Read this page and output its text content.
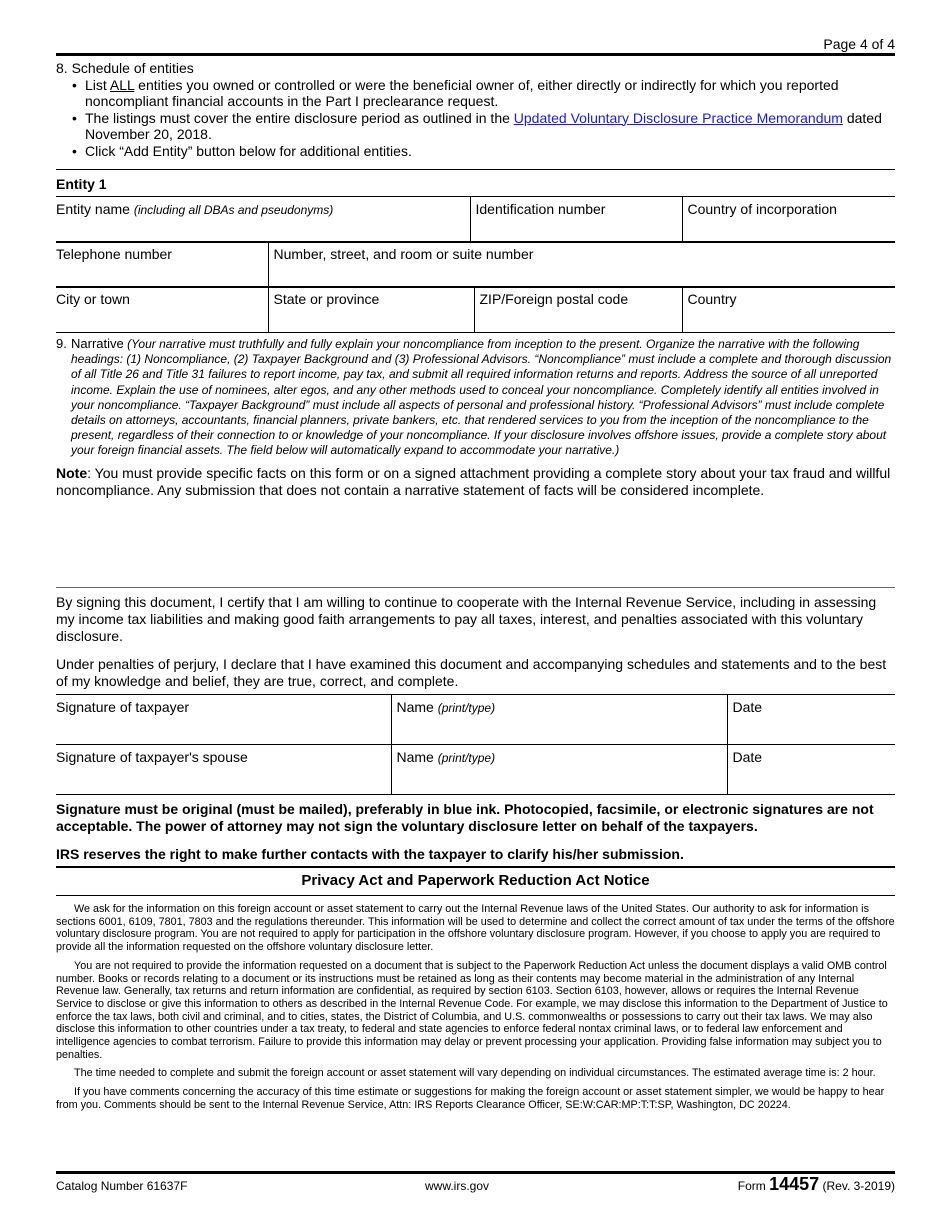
Page 4 of 4
8. Schedule of entities
• List ALL entities you owned or controlled or were the beneficial owner of, either directly or indirectly for which you reported noncompliant financial accounts in the Part I preclearance request.
• The listings must cover the entire disclosure period as outlined in the Updated Voluntary Disclosure Practice Memorandum dated November 20, 2018.
• Click “Add Entity” button below for additional entities.
Entity 1
Entity name (including all DBAs and pseudonyms)	Identification number	Country of incorporation
Telephone number	Number, street, and room or suite number
City or town	State or province	ZIP/Foreign postal code	Country
9. Narrative (Your narrative must truthfully and fully explain your noncompliance from inception to the present. Organize the narrative with the following headings: (1) Noncompliance, (2) Taxpayer Background and (3) Professional Advisors. “Noncompliance” must include a complete and thorough discussion of all Title 26 and Title 31 failures to report income, pay tax, and submit all required information returns and reports. Address the source of all unreported income. Explain the use of nominees, alter egos, and any other methods used to conceal your noncompliance. Completely identify all entities involved in your noncompliance. “Taxpayer Background” must include all aspects of personal and professional history. “Professional Advisors” must include complete details on attorneys, accountants, financial planners, private bankers, etc. that rendered services to you from the inception of the noncompliance to the present, regardless of their connection to or knowledge of your noncompliance. If your disclosure involves offshore issues, provide a complete story about your foreign financial assets. The field below will automatically expand to accommodate your narrative.)
Note: You must provide specific facts on this form or on a signed attachment providing a complete story about your tax fraud and willful noncompliance. Any submission that does not contain a narrative statement of facts will be considered incomplete.
By signing this document, I certify that I am willing to continue to cooperate with the Internal Revenue Service, including in assessing my income tax liabilities and making good faith arrangements to pay all taxes, interest, and penalties associated with this voluntary disclosure.
Under penalties of perjury, I declare that I have examined this document and accompanying schedules and statements and to the best of my knowledge and belief, they are true, correct, and complete.
Signature of taxpayer	Name (print/type)	Date
Signature of taxpayer's spouse	Name (print/type)	Date
Signature must be original (must be mailed), preferably in blue ink. Photocopied, facsimile, or electronic signatures are not acceptable. The power of attorney may not sign the voluntary disclosure letter on behalf of the taxpayers.
IRS reserves the right to make further contacts with the taxpayer to clarify his/her submission.
Privacy Act and Paperwork Reduction Act Notice

We ask for the information on this foreign account or asset statement to carry out the Internal Revenue laws of the United States. Our authority to ask for information is sections 6001, 6109, 7801, 7803 and the regulations thereunder. This information will be used to determine and collect the correct amount of tax under the terms of the offshore voluntary disclosure program. You are not required to apply for participation in the offshore voluntary disclosure program. However, if you choose to apply you are required to provide all the information requested on the offshore voluntary disclosure letter.

You are not required to provide the information requested on a document that is subject to the Paperwork Reduction Act unless the document displays a valid OMB control number. Books or records relating to a document or its instructions must be retained as long as their contents may become material in the administration of any Internal Revenue law. Generally, tax returns and return information are confidential, as required by section 6103. Section 6103, however, allows or requires the Internal Revenue Service to disclose or give this information to others as described in the Internal Revenue Code. For example, we may disclose this information to the Department of Justice to enforce the tax laws, both civil and criminal, and to cities, states, the District of Columbia, and U.S. commonwealths or possessions to carry out their tax laws. We may also disclose this information to other countries under a tax treaty, to federal and state agencies to enforce federal nontax criminal laws, or to federal law enforcement and intelligence agencies to combat terrorism. Failure to provide this information may delay or prevent processing your application. Providing false information may subject you to penalties.

The time needed to complete and submit the foreign account or asset statement will vary depending on individual circumstances. The estimated average time is: 2 hour.

If you have comments concerning the accuracy of this time estimate or suggestions for making the foreign account or asset statement simpler, we would be happy to hear from you. Comments should be sent to the Internal Revenue Service, Attn: IRS Reports Clearance Officer, SE:W:CAR:MP:T:T:SP, Washington, DC 20224.

Catalog Number 61637F	www.irs.gov	Form 14457 (Rev. 3-2019)
